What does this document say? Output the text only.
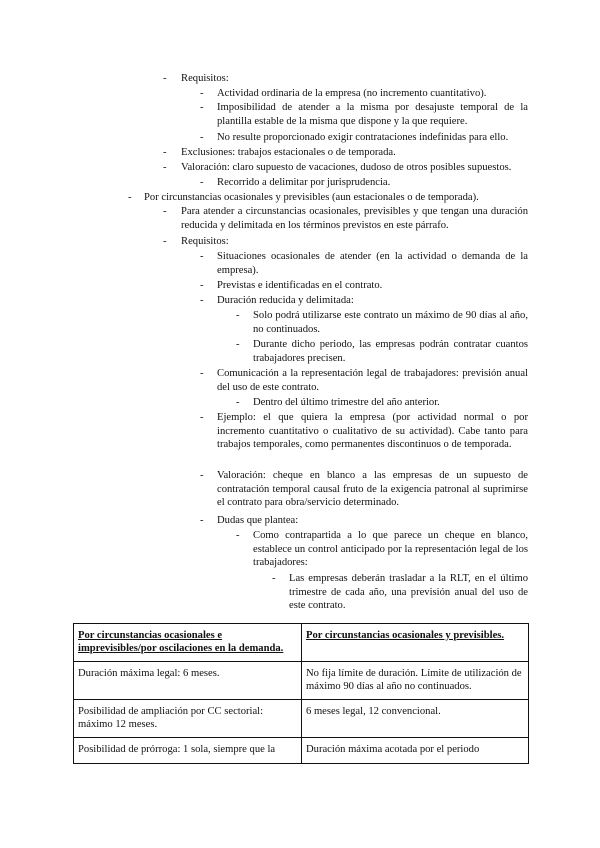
- Requisitos:
- Actividad ordinaria de la empresa (no incremento cuantitativo).
- Imposibilidad de atender a la misma por desajuste temporal de la plantilla estable de la misma que dispone y la que requiere.
- No resulte proporcionado exigir contrataciones indefinidas para ello.
- Exclusiones: trabajos estacionales o de temporada.
- Valoración: claro supuesto de vacaciones, dudoso de otros posibles supuestos.
- Recorrido a delimitar por jurisprudencia.
- Por circunstancias ocasionales y previsibles (aun estacionales o de temporada).
- Para atender a circunstancias ocasionales, previsibles y que tengan una duración reducida y delimitada en los términos previstos en este párrafo.
- Requisitos:
- Situaciones ocasionales de atender (en la actividad o demanda de la empresa).
- Previstas e identificadas en el contrato.
- Duración reducida y delimitada:
- Solo podrá utilizarse este contrato un máximo de 90 días al año, no continuados.
- Durante dicho periodo, las empresas podrán contratar cuantos trabajadores precisen.
- Comunicación a la representación legal de trabajadores: previsión anual del uso de este contrato.
- Dentro del último trimestre del año anterior.
- Ejemplo: el que quiera la empresa (por actividad normal o por incremento cuantitativo o cualitativo de su actividad). Cabe tanto para trabajos temporales, como permanentes discontinuos o de temporada.
- Valoración: cheque en blanco a las empresas de un supuesto de contratación temporal causal fruto de la exigencia patronal al suprimirse el contrato para obra/servicio determinado.
- Dudas que plantea:
- Como contrapartida a lo que parece un cheque en blanco, establece un control anticipado por la representación legal de los trabajadores:
- Las empresas deberán trasladar a la RLT, en el último trimestre de cada año, una previsión anual del uso de este contrato.
Por circunstancias ocasionales e imprevisibles/por oscilaciones en la demanda.	Por circunstancias ocasionales y previsibles.
Duración máxima legal: 6 meses.	No fija límite de duración. Límite de utilización de máximo 90 días al año no continuados.
Posibilidad de ampliación por CC sectorial: máximo 12 meses.	6 meses legal, 12 convencional.
Posibilidad de prórroga: 1 sola, siempre que la	Duración máxima acotada por el periodo
